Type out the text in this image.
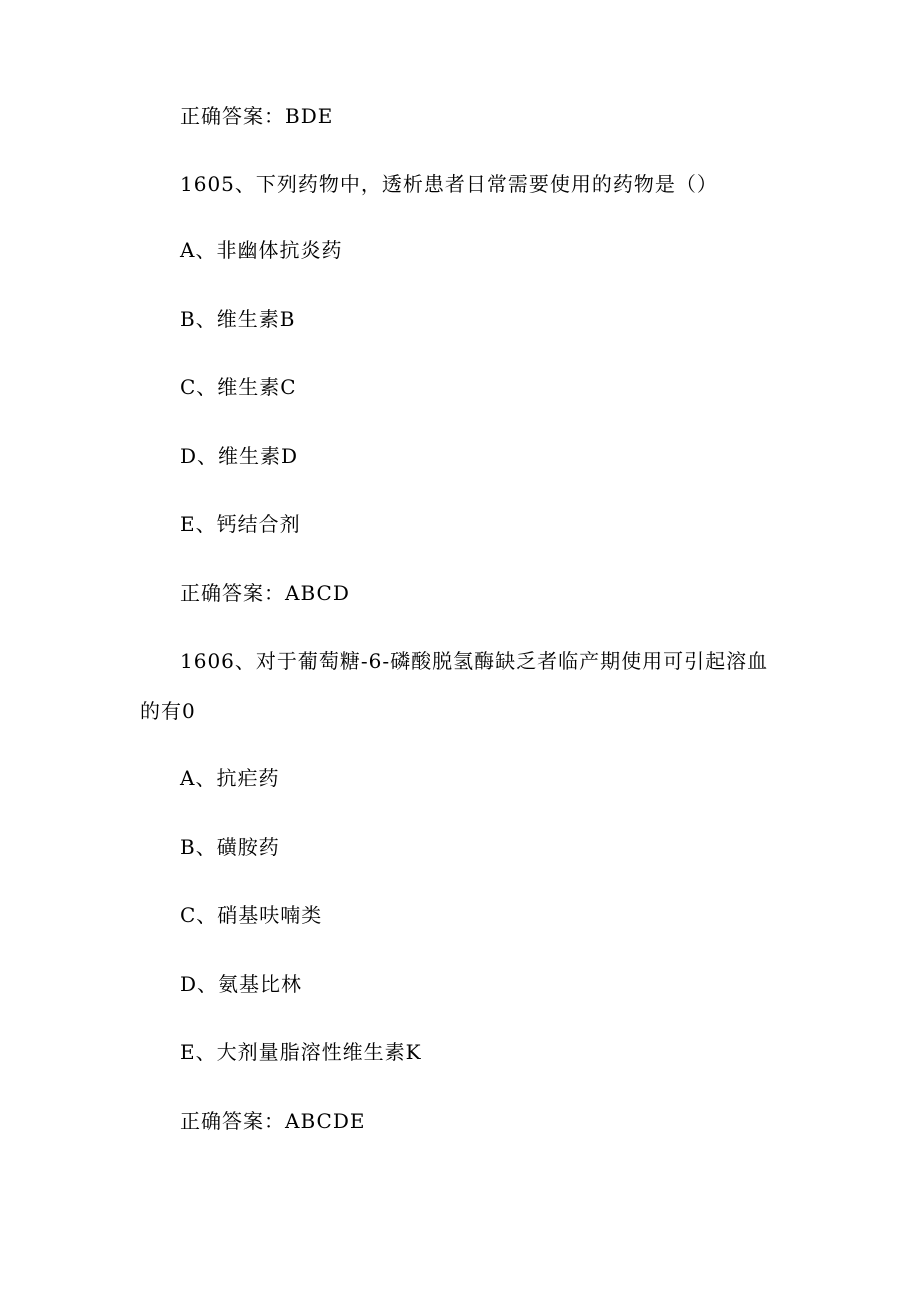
正确答案：BDE
1605、下列药物中，透析患者日常需要使用的药物是（）
A、非幽体抗炎药
B、维生素B
C、维生素C
D、维生素D
E、钙结合剂
正确答案：ABCD
1606、对于葡萄糖-6-磷酸脱氢酶缺乏者临产期使用可引起溶血
的有0
A、抗疟药
B、磺胺药
C、硝基呋喃类
D、氨基比林
E、大剂量脂溶性维生素K
正确答案：ABCDE
